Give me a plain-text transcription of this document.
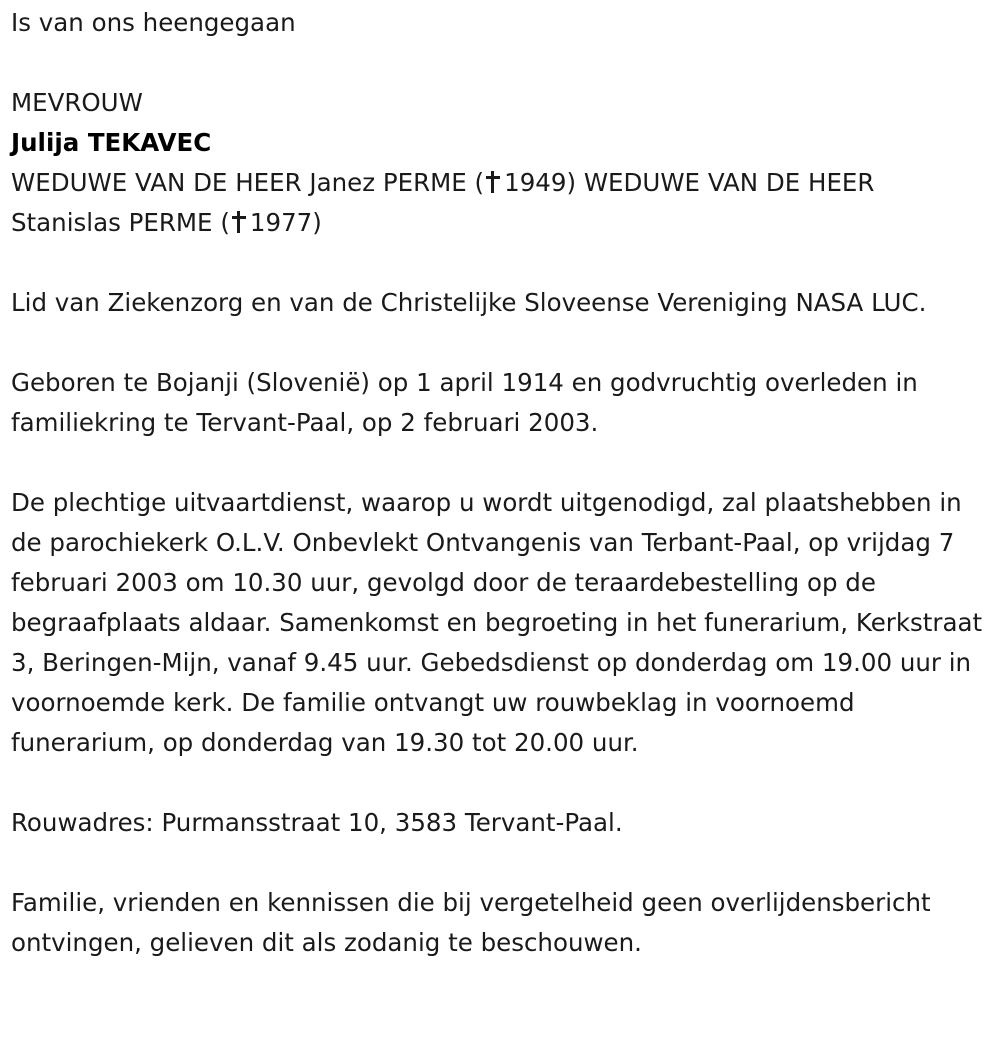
Is van ons heengegaan

MEVROUW

Julija TEKAVEC

WEDUWE VAN DE HEER Janez PERME ( 1949) WEDUWE VAN DE HEER
Stanislas PERME ( 1977)

Lid van Ziekenzorg en van de Christelijke Sloveense Vereniging NASA LUC.

Geboren te Bojanji (Slovenië) op 1 april 1914 en godvruchtig overleden in familiekring te Tervant-Paal, op 2 februari 2003.

De plechtige uitvaartdienst, waarop u wordt uitgenodigd, zal plaatshebben in de parochiekerk O.L.V. Onbevlekt Ontvangenis van Terbant-Paal, op vrijdag 7 februari 2003 om 10.30 uur, gevolgd door de teraardebestelling op de begraafplaats aldaar. Samenkomst en begroeting in het funerarium, Kerkstraat 3, Beringen-Mijn, vanaf 9.45 uur. Gebedsdienst op donderdag om 19.00 uur in voornoemde kerk. De familie ontvangt uw rouwbeklag in voornoemd funerarium, op donderdag van 19.30 tot 20.00 uur.

Rouwadres: Purmansstraat 10, 3583 Tervant-Paal.

Familie, vrienden en kennissen die bij vergetelheid geen overlijdensbericht ontvingen, gelieven dit als zodanig te beschouwen.
